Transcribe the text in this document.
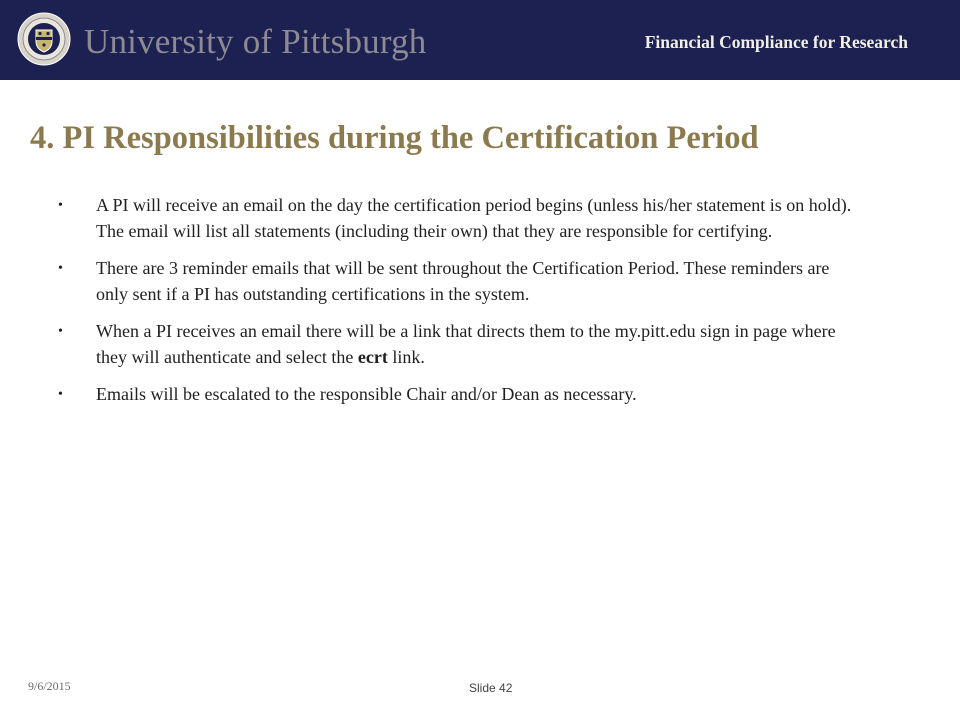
University of Pittsburgh	Financial Compliance for Research
4. PI Responsibilities during the Certification Period
• A PI will receive an email on the day the certification period begins (unless his/her statement is on hold). The email will list all statements (including their own) that they are responsible for certifying.
• There are 3 reminder emails that will be sent throughout the Certification Period. These reminders are only sent if a PI has outstanding certifications in the system.
• When a PI receives an email there will be a link that directs them to the my.pitt.edu sign in page where they will authenticate and select the ecrt link.
• Emails will be escalated to the responsible Chair and/or Dean as necessary.
9/6/2015	Slide 42
